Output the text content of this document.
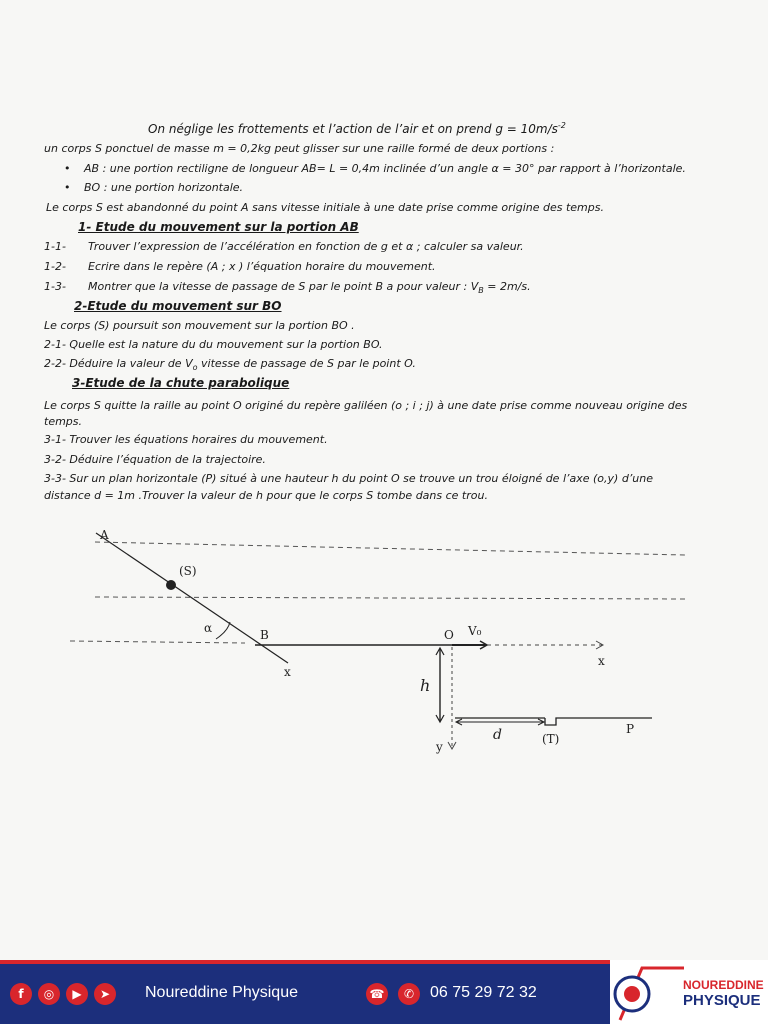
On néglige les frottements et l’action de l’air et on prend $g = 10m/s^{-2}$
un corps S ponctuel de masse m = 0,2kg peut glisser sur une raille formé de deux portions :
• AB : une portion rectiligne de longueur AB= L = 0,4m inclinée d’un angle α = 30° par rapport à l’horizontale.
• BO : une portion horizontale.
Le corps S est abandonné du point A sans vitesse initiale à une date prise comme origine des temps.
1- Etude du mouvement sur la portion AB
1-1- Trouver l’expression de l’accélération en fonction de g et α ; calculer sa valeur.
1-2- Ecrire dans le repère (A ; x ) l’équation horaire du mouvement.
1-3- Montrer que la vitesse de passage de S par le point B a pour valeur : $V_B = 2m/s$.
2-Etude du mouvement sur BO
Le corps (S) poursuit son mouvement sur la portion BO .
2-1- Quelle est la nature du du mouvement sur la portion BO.
2-2- Déduire la valeur de $V_o$ vitesse de passage de S par le point O.
3-Etude de la chute parabolique
Le corps S quitte la raille au point O originé du repère galiléen (o ; i ; j) à une date prise comme nouveau origine des
temps.
3-1- Trouver les équations horaires du mouvement.
3-2- Déduire l’équation de la trajectoire.
3-3- Sur un plan horizontale (P) situé à une hauteur h du point O se trouve un trou éloigné de l’axe (o,y) d’une
distance d = 1m .Trouver la valeur de h pour que le corps S tombe dans ce trou.
A
(S)
α	B
x
x
V₀
O
y
h
d	(T)
P
f	◎	▶	➤	Noureddine Physique	☎	✆ 06 75 29 72 32	NOUREDDINE
PHYSIQUE
